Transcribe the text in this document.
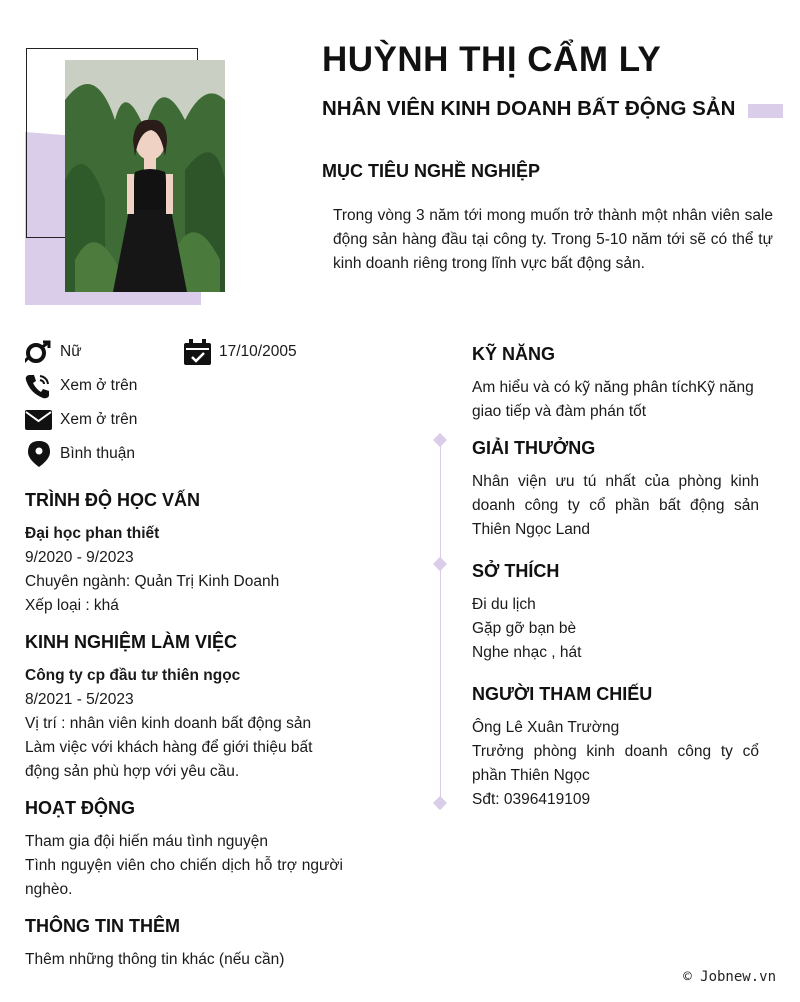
HUỲNH THỊ CẨM LY
NHÂN VIÊN KINH DOANH BẤT ĐỘNG SẢN
MỤC TIÊU NGHỀ NGHIỆP
Trong vòng 3 năm tới mong muốn trở thành một nhân viên sale động sản hàng đầu tại công ty. Trong 5-10 năm tới sẽ có thể tự kinh doanh riêng trong lĩnh vực bất động sản.
Nữ
Xem ở trên
Xem ở trên
Bình thuận
17/10/2005
TRÌNH ĐỘ HỌC VẤN

Đại học phan thiết

9/2020 - 9/2023

Chuyên ngành: Quản Trị Kinh Doanh

Xếp loại : khá

KINH NGHIỆM LÀM VIỆC

Công ty cp đầu tư thiên ngọc

8/2021 - 5/2023

Vị trí : nhân viên kinh doanh bất động sản

Làm việc với khách hàng để giới thiệu bất động sản phù hợp với yêu cầu.

HOẠT ĐỘNG

Tham gia đội hiến máu tình nguyện

Tình nguyện viên cho chiến dịch hỗ trợ người nghèo.

THÔNG TIN THÊM
Thêm những thông tin khác (nếu cần)
KỸ NĂNG
Am hiểu và có kỹ năng phân tíchKỹ năng giao tiếp và đàm phán tốt
GIẢI THƯỞNG
Nhân viện ưu tú nhất của phòng kinh doanh công ty cổ phần bất động sản Thiên Ngọc Land
SỞ THÍCH

Đi du lịch

Gặp gỡ bạn bè

Nghe nhạc , hát

NGƯỜI THAM CHIẾU

Ông Lê Xuân Trường

Trưởng phòng kinh doanh công ty cổ phần Thiên Ngọc

Sđt: 0396419109

© Jobnew.vn
